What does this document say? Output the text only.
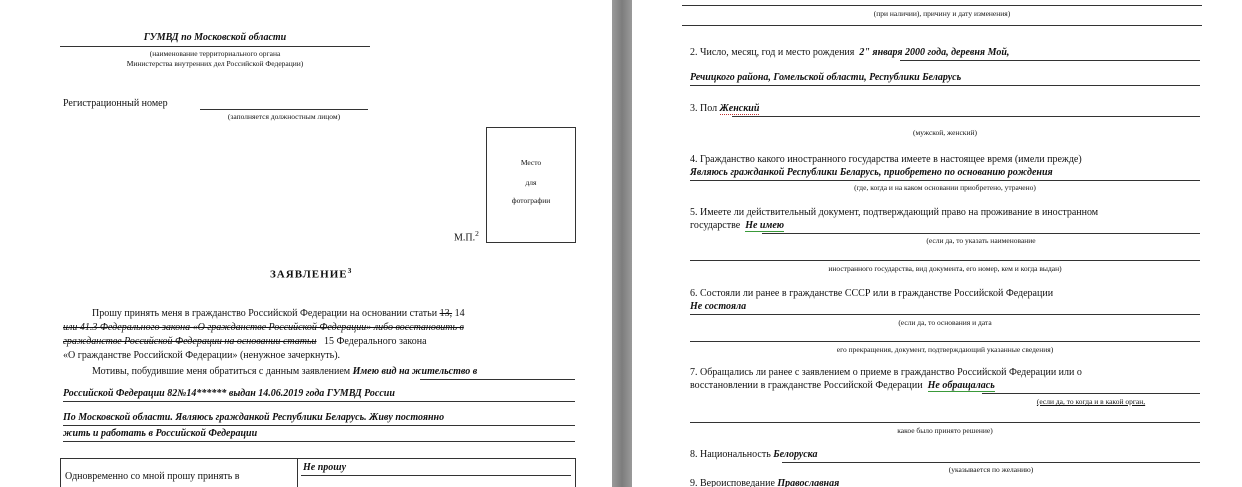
ГУМВД по Московской области
(наименование территориального органа
Министерства внутренних дел Российской Федерации)
Регистрационный номер
(заполняется должностным лицом)
Место
для
фотографии
М.П.$^2$
ЗАЯВЛЕНИЕ$^3$
Прошу принять меня в гражданство Российской Федерации на основании статьи 13, 14
или 41.3 Федерального закона «О гражданстве Российской Федерации» либо восстановить в
гражданстве Российской Федерации на основании статьи 15 Федерального закона
«О гражданстве Российской Федерации» (ненужное зачеркнуть).
Мотивы, побудившие меня обратиться с данным заявлением Имею вид на жительство в
Российской Федерации 82№14****** выдан 14.06.2019 года ГУМВД России
По Московской области. Являюсь гражданкой Республики Беларусь. Живу постоянно
жить и работать в Российской Федерации
Одновременно со мной прошу принять в
Не прошу
(при наличии), причину и дату изменения)
2. Число, месяц, год и место рождения 2" января 2000 года, деревня Мой,
Речицкого района, Гомельской области, Республики Беларусь
3. Пол Женский
(мужской, женский)
4. Гражданство какого иностранного государства имеете в настоящее время (имели прежде)
Являюсь гражданкой Республики Беларусь, приобретено по основанию рождения
(где, когда и на каком основании приобретено, утрачено)
5. Имеете ли действительный документ, подтверждающий право на проживание в иностранном
государстве Не имею
(если да, то указать наименование
иностранного государства, вид документа, его номер, кем и когда выдан)
6. Состояли ли ранее в гражданстве СССР или в гражданстве Российской Федерации
Не состояла
(если да, то основания и дата
его прекращения, документ, подтверждающий указанные сведения)
7. Обращались ли ранее с заявлением о приеме в гражданство Российской Федерации или о
восстановлении в гражданстве Российской Федерации Не обращалась
(если да, то когда и в какой орган,
какое было принято решение)
8. Национальность Белоруска
(указывается по желанию)
9. Вероисповедание Православная
